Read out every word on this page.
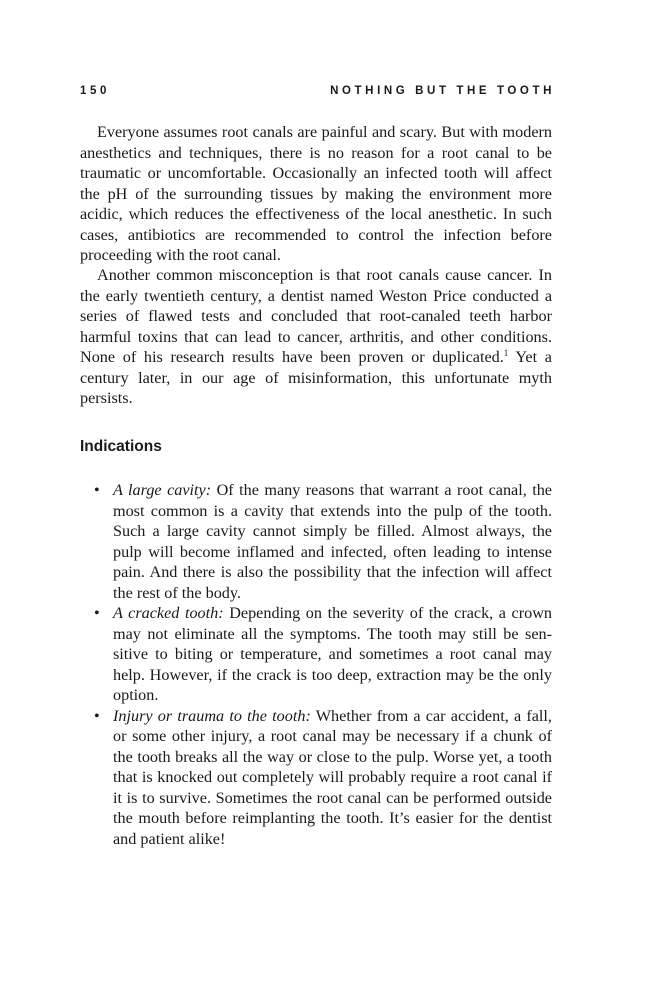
150	NOTHING BUT THE TOOTH

Everyone assumes root canals are painful and scary. But with modern anesthetics and techniques, there is no reason for a root canal to be traumatic or uncomfortable. Occasionally an infected tooth will affect the pH of the surrounding tissues by making the environment more acidic, which reduces the effectiveness of the local anesthetic. In such cases, antibiotics are recommended to control the infection before proceeding with the root canal.

Another common misconception is that root canals cause cancer. In the early twentieth century, a dentist named Weston Price conducted a series of flawed tests and concluded that root-canaled teeth harbor harmful toxins that can lead to cancer, arthritis, and other conditions. None of his research results have been proven or duplicated.$^1$ Yet a century later, in our age of misinformation, this unfortunate myth persists.

Indications
• A large cavity: Of the many reasons that warrant a root canal, the most common is a cavity that extends into the pulp of the tooth. Such a large cavity cannot simply be filled. Almost always, the pulp will become inflamed and infected, often leading to intense pain. And there is also the possibility that the infection will affect the rest of the body.
• A cracked tooth: Depending on the severity of the crack, a crown may not eliminate all the symptoms. The tooth may still be sensitive to biting or temperature, and sometimes a root canal may help. However, if the crack is too deep, extraction may be the only option.
• Injury or trauma to the tooth: Whether from a car accident, a fall, or some other injury, a root canal may be necessary if a chunk of the tooth breaks all the way or close to the pulp. Worse yet, a tooth that is knocked out completely will probably require a root canal if it is to survive. Sometimes the root canal can be performed outside the mouth before reimplanting the tooth. It’s easier for the dentist and patient alike!
